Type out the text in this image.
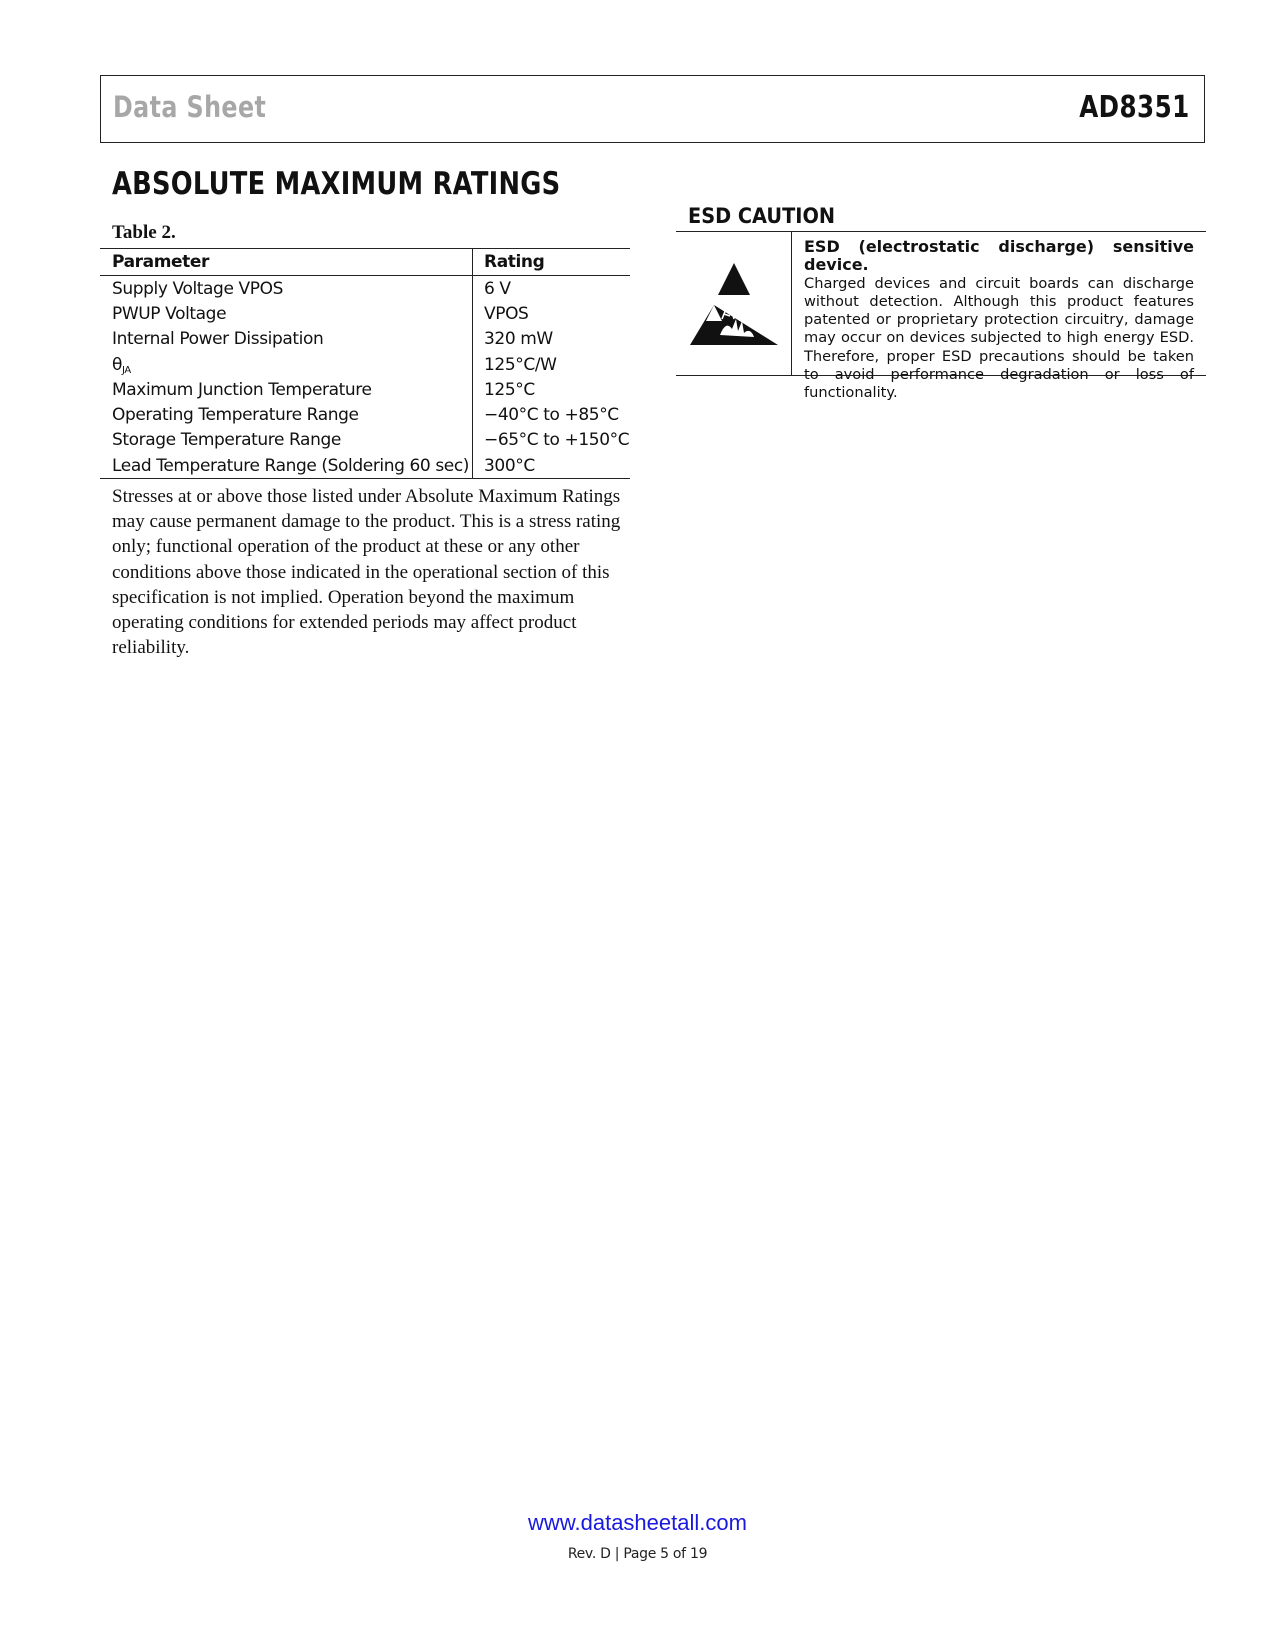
Data Sheet	AD8351
ABSOLUTE MAXIMUM RATINGS
Table 2.
Parameter	Rating
Supply Voltage VPOS	6 V
PWUP Voltage	VPOS
Internal Power Dissipation	320 mW
θJA	125°C/W
Maximum Junction Temperature	125°C
Operating Temperature Range	−40°C to +85°C
Storage Temperature Range	−65°C to +150°C
Lead Temperature Range (Soldering 60 sec)	300°C
Stresses at or above those listed under Absolute Maximum Ratings may cause permanent damage to the product. This is a stress rating only; functional operation of the product at these or any other conditions above those indicated in the operational section of this specification is not implied. Operation beyond the maximum operating conditions for extended periods may affect product reliability.
ESD CAUTION
ESD (electrostatic discharge) sensitive device.
Charged devices and circuit boards can discharge without detection. Although this product features patented or proprietary protection circuitry, damage may occur on devices subjected to high energy ESD. Therefore, proper ESD precautions should be taken to avoid performance degradation or loss of functionality.
www.datasheetall.com
Rev. D | Page 5 of 19
